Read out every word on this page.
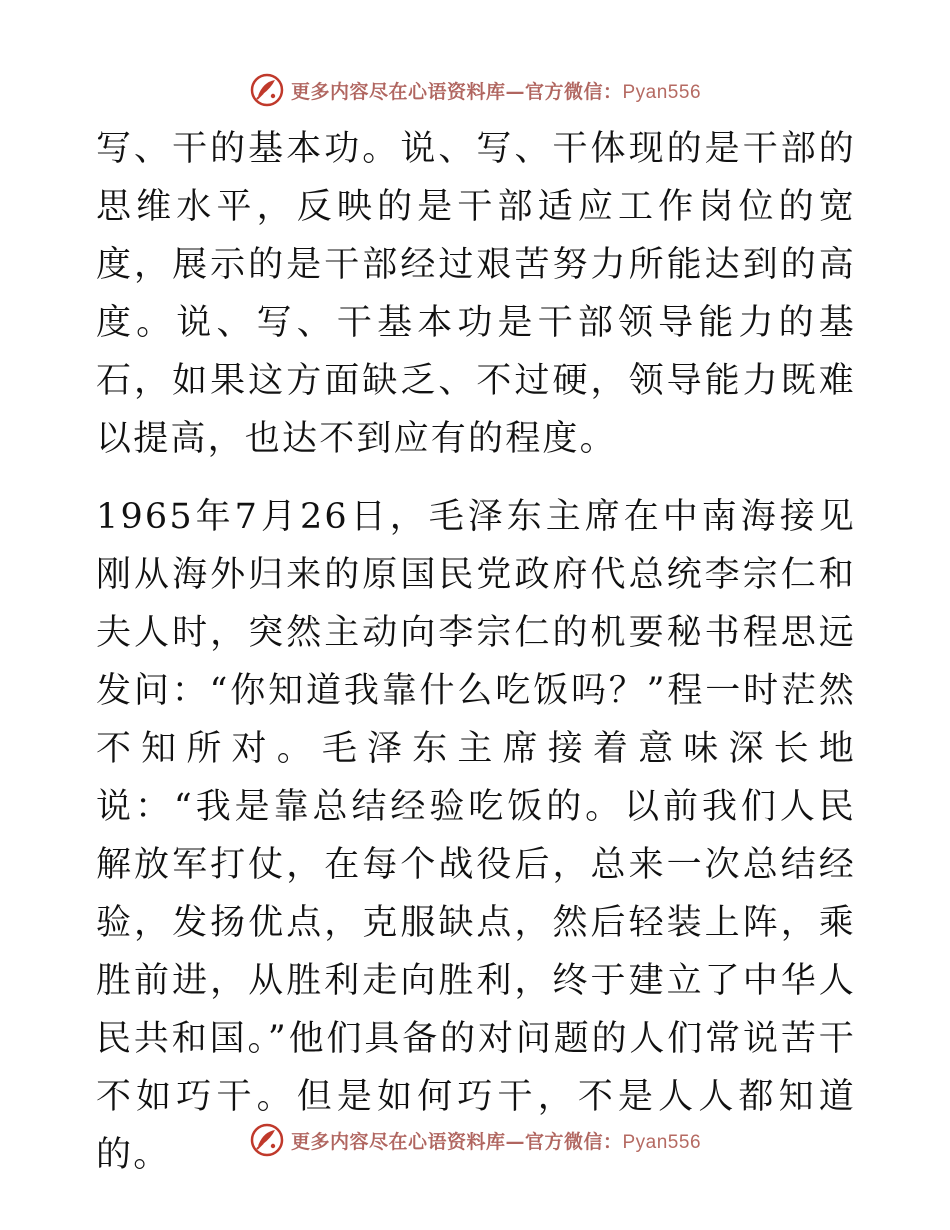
更多内容尽在心语资料库—官方微信：Pyan556

写、干的基本功。说、写、干体现的是干部的思维水平，反映的是干部适应工作岗位的宽度，展示的是干部经过艰苦努力所能达到的高度。说、写、干基本功是干部领导能力的基石，如果这方面缺乏、不过硬，领导能力既难以提高，也达不到应有的程度。

1965年7月26日，毛泽东主席在中南海接见刚从海外归来的原国民党政府代总统李宗仁和夫人时，突然主动向李宗仁的机要秘书程思远发问：“你知道我靠什么吃饭吗？”程一时茫然不知所对。毛泽东主席接着意味深长地说：“我是靠总结经验吃饭的。以前我们人民解放军打仗，在每个战役后，总来一次总结经验，发扬优点，克服缺点，然后轻装上阵，乘胜前进，从胜利走向胜利，终于建立了中华人民共和国。”他们具备的对问题的人们常说苦干不如巧干。但是如何巧干，不是人人都知道的。	更多内容尽在心语资料库—官方微信：Pyan556
